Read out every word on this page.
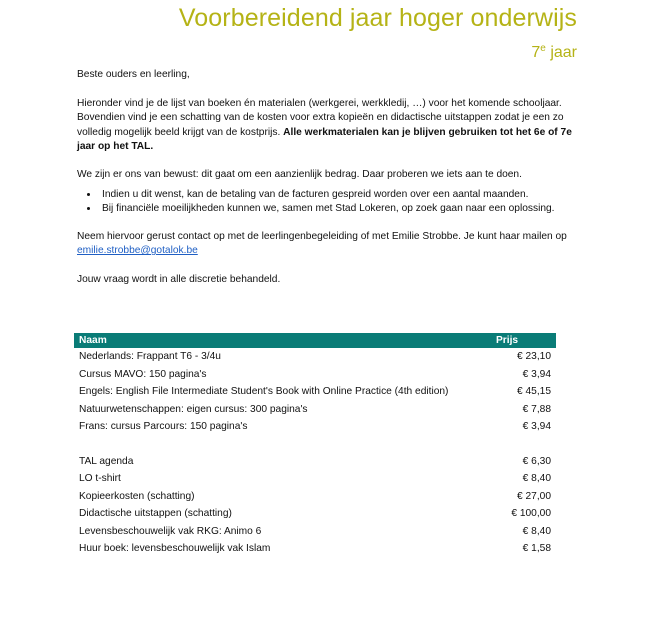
Voorbereidend jaar hoger onderwijs
7e jaar

Beste ouders en leerling,

Hieronder vind je de lijst van boeken én materialen (werkgerei, werkkledij, …) voor het komende schooljaar. Bovendien vind je een schatting van de kosten voor extra kopieën en didactische uitstappen zodat je een zo volledig mogelijk beeld krijgt van de kostprijs. Alle werkmaterialen kan je blijven gebruiken tot het 6e of 7e jaar op het TAL.

We zijn er ons van bewust: dit gaat om een aanzienlijk bedrag. Daar proberen we iets aan te doen.

• Indien u dit wenst, kan de betaling van de facturen gespreid worden over een aantal maanden.
• Bij financiële moeilijkheden kunnen we, samen met Stad Lokeren, op zoek gaan naar een oplossing.

Neem hiervoor gerust contact op met de leerlingenbegeleiding of met Emilie Strobbe. Je kunt haar mailen op emilie.strobbe@gotalok.be

Jouw vraag wordt in alle discretie behandeld.

Naam	Prijs
Nederlands: Frappant T6 - 3/4u	€ 23,10
Cursus MAVO: 150 pagina's	€ 3,94
Engels: English File Intermediate Student's Book with Online Practice (4th edition)	€ 45,15
Natuurwetenschappen: eigen cursus: 300 pagina's	€ 7,88
Frans: cursus Parcours: 150 pagina's	€ 3,94

TAL agenda	€ 6,30
LO t-shirt	€ 8,40
Kopieerkosten (schatting)	€ 27,00
Didactische uitstappen (schatting)	€ 100,00
Levensbeschouwelijk vak RKG: Animo 6	€ 8,40
Huur boek: levensbeschouwelijk vak Islam	€ 1,58
